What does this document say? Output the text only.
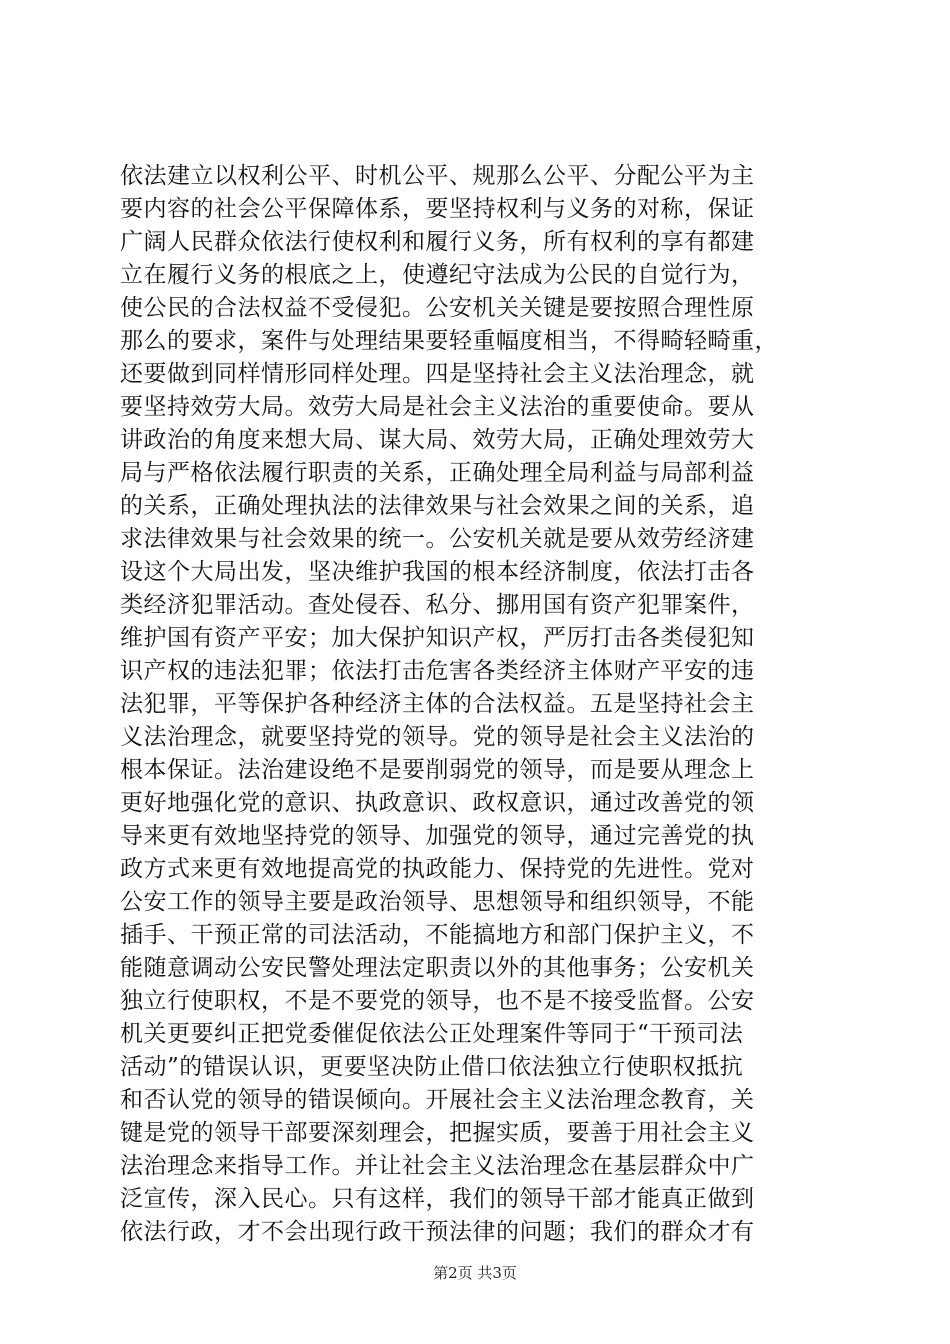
依法建立以权利公平、时机公平、规那么公平、分配公平为主
要内容的社会公平保障体系，要坚持权利与义务的对称，保证
广阔人民群众依法行使权利和履行义务，所有权利的享有都建
立在履行义务的根底之上，使遵纪守法成为公民的自觉行为，
使公民的合法权益不受侵犯。公安机关关键是要按照合理性原
那么的要求，案件与处理结果要轻重幅度相当，不得畸轻畸重，
还要做到同样情形同样处理。四是坚持社会主义法治理念，就
要坚持效劳大局。效劳大局是社会主义法治的重要使命。要从
讲政治的角度来想大局、谋大局、效劳大局，正确处理效劳大
局与严格依法履行职责的关系，正确处理全局利益与局部利益
的关系，正确处理执法的法律效果与社会效果之间的关系，追
求法律效果与社会效果的统一。公安机关就是要从效劳经济建
设这个大局出发，坚决维护我国的根本经济制度，依法打击各
类经济犯罪活动。查处侵吞、私分、挪用国有资产犯罪案件，
维护国有资产平安；加大保护知识产权，严厉打击各类侵犯知
识产权的违法犯罪；依法打击危害各类经济主体财产平安的违
法犯罪，平等保护各种经济主体的合法权益。五是坚持社会主
义法治理念，就要坚持党的领导。党的领导是社会主义法治的
根本保证。法治建设绝不是要削弱党的领导，而是要从理念上
更好地强化党的意识、执政意识、政权意识，通过改善党的领
导来更有效地坚持党的领导、加强党的领导，通过完善党的执
政方式来更有效地提高党的执政能力、保持党的先进性。党对
公安工作的领导主要是政治领导、思想领导和组织领导，不能
插手、干预正常的司法活动，不能搞地方和部门保护主义，不
能随意调动公安民警处理法定职责以外的其他事务；公安机关
独立行使职权，不是不要党的领导，也不是不接受监督。公安
机关更要纠正把党委催促依法公正处理案件等同于“干预司法
活动”的错误认识，更要坚决防止借口依法独立行使职权抵抗
和否认党的领导的错误倾向。开展社会主义法治理念教育，关
键是党的领导干部要深刻理会，把握实质，要善于用社会主义
法治理念来指导工作。并让社会主义法治理念在基层群众中广
泛宣传，深入民心。只有这样，我们的领导干部才能真正做到
依法行政，才不会出现行政干预法律的问题；我们的群众才有
第2页 共3页
